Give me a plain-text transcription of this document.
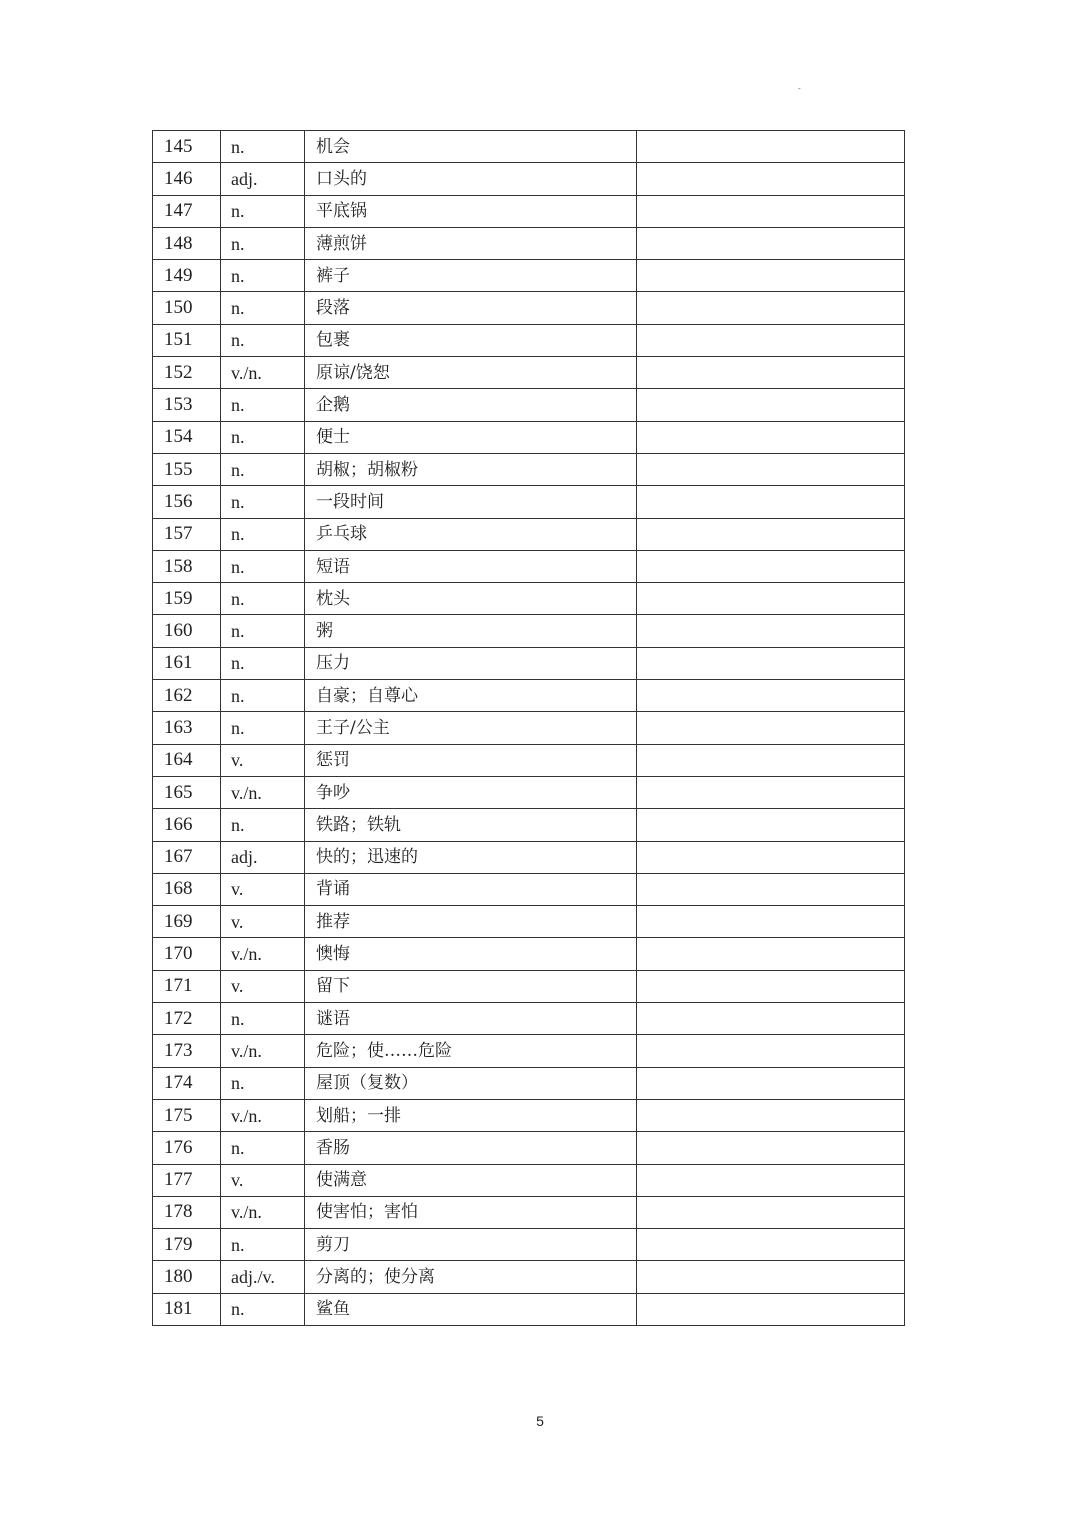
-
145	n.	机会	
146	adj.	口头的	
147	n.	平底锅	
148	n.	薄煎饼	
149	n.	裤子	
150	n.	段落	
151	n.	包裹	
152	v./n.	原谅/饶恕	
153	n.	企鹅	
154	n.	便士	
155	n.	胡椒；胡椒粉	
156	n.	一段时间	
157	n.	乒乓球	
158	n.	短语	
159	n.	枕头	
160	n.	粥	
161	n.	压力	
162	n.	自豪；自尊心	
163	n.	王子/公主	
164	v.	惩罚	
165	v./n.	争吵	
166	n.	铁路；铁轨	
167	adj.	快的；迅速的	
168	v.	背诵	
169	v.	推荐	
170	v./n.	懊悔	
171	v.	留下	
172	n.	谜语	
173	v./n.	危险；使……危险	
174	n.	屋顶（复数）	
175	v./n.	划船；一排	
176	n.	香肠	
177	v.	使满意	
178	v./n.	使害怕；害怕	
179	n.	剪刀	
180	adj./v.	分离的；使分离	
181	n.	鲨鱼	
5
